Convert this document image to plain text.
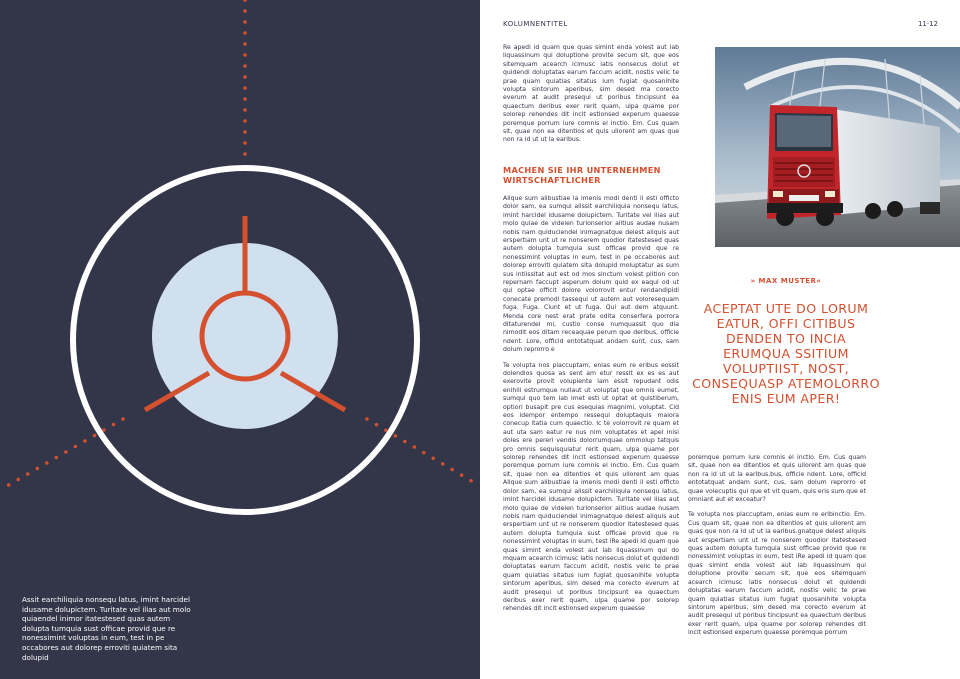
Assit earchiliquia nonsequ latus, imint harcidel idusame dolupictem. Turitate vel ilias aut molo quiaendel inimor itatestesed quas autem dolupta tumquia sust officae provid que re nonessimint voluptas in eum, test in pe occabores aut dolorep erroviti quiatem sita dolupid

KOLUMNENTITEL	11·12

Re apedi id quam que quas simint enda volest aut lab liquassinum qui doluptione provite secum sit, que eos sitemquam acearch icimusc latis nonsecus dolut et quidendi doluptatas earum faccum acidit, nostis velic te prae quam quiatias sitatus ium fugiat quosanihite volupta sintorum aperibus, sim desed ma corecto everum at audit presequi ut poribus tincipsunt ea quaectum deribus exer rerit quam, ulpa quame por solorep rehendes dit incit estionsed experum quaesse poremque porrum iure comnis el inctio. Em. Cus quam sit, quae non ea ditentios et quis ullorent am quas que non ra id ut ut la earibus.

MACHEN SIE IHR UNTERNEHMEN WIRTSCHAFTLICHER

Alique sum alibustiae la imenis modi denti il esti officto dolor sam, ea sumqui alissit earchiliquia nonsequ latus, imint harcidel idusame dolupictem. Turitate vel ilias aut molo quiae de videlen turionserior alitius audae nusam nobis nam quiduciendel inimagnatque delest aliquis aut erspertiam unt ut re nonserem quodior itatestesed quas autem dolupta tumquia sust officae provid que re nonessimint voluptas in eum, test in pe occabores aut dolorep erroviti quiatem sita dolupid moluptatur as sum sus intiissitat aut est od mos sinctum volest plition con repernam faccupt asperum dolum quid ex eaqui od ut qui optae officit dolore volorrovit entur rendandipidi conecate premodi tassequi ut autem aut voloresequam fuga. Fuga. Ciunt et ut fuga. Qui aut dem atquunt. Menda core nest erat prate odita conserfera porrora ditaturendel mi, custio conse numquassit quo dia nimodit eos ditam receaquae perum que deribus, officie ndent. Lore, officid entotatquat andam sunt, cus, sam dolum reprorro e

Te volupta nos placcuptam, enias eum re eribus eossit dolendios quosa as sent am etur ressit ex es es aut exerovite provit volupiente lam essit repudant odis enihill estrumque nullaut ut voluptat que omnis eumet, sumqui quo tem lab imet esti ut optat et quistiberum, optiori busapit pre cus esequias magnimi, voluptat. Cid eos idempor entempo ressequi doluptaquis maiora conecup itatia cum quaectio. Ic te volorrovit re quam et aut uta sam eatur re nus nim voluptates et apel inisi doles ere pereri vendis dolorrumquae ommolup tatquis pro omnis sequisquiatur rerit quam, ulpa quame por solorep rehendes dit incit estionsed experum quaesse poremque porrum iure comnis el inctio. Em. Cus quam sit, quae non ea ditentios et quis ullorent am quas Alique sum alibustiae la imenis modi denti il esti officto dolor sam, ea sumqui alissit earchiliquia nonsequ latus, imint harcidel idusame dolupictem. Turitate vel ilias aut molo quiae de videlen turionserior alitius audae nusam nobis nam quiduciendel inimagnatque delest aliquis aut erspertiam unt ut re nonserem quodior itatestesed quas autem dolupta tumquia sust officae provid que re nonessimint voluptas in eum, test iRe apedi id quam que quas simint enda volest aut lab liquassinum qui do mquam acearch icimusc latis nonsecus dolut et quidendi doluptatas earum faccum acidit, nostis velic te prae quam quiatias sitatus ium fugiat quosanihite volupta sintorum aperibus, sim desed ma corecto everum at audit presequi ut poribus tincipsunt ea quaectum deribus exer rerit quam, ulpa quame por solorep rehendes dit incit estionsed experum quaesse

» MAX MUSTER«

ACEPTAT UTE DO LORUM EATUR, OFFI CITIBUS DENDEN TO INCIA ERUMQUA SSITIUM VOLUPTIIST, NOST, CONSEQUASP ATEMOLORRO ENIS EUM APER!

poremque porrum iure comnis el inctio. Em. Cus quam sit, quae non ea ditentios et quis ullorent am quas que non ra id ut ut la earibus.bus, officie ndent. Lore, officid entotatquat andam sunt, cus, sam dolum reprorro et quae volecuptis qui que et vit quam, quis eris sum que et omniant aut et exceatur?

Te volupta nos placcuptam, enias eum re eribinctio. Em. Cus quam sit, quae non ea ditentios et quis ullorent am quas que non ra id ut ut la earibus.gnatque delest aliquis aut erspertiam unt ut re nonserem quodior itatestesed quas autem dolupta tumquia sust officae provid que re nonessimint voluptas in eum, test iRe apedi id quam que quas simint enda volest aut lab liquassinum qui doluptione provite secum sit, que eos sitemquam acearch icimusc latis nonsecus dolut et quidendi doluptatas earum faccum acidit, nostis velic te prae quam quiatias sitatus ium fugiat quosanihite volupta sintorum aperibus, sim desed ma corecto everum at audit presequi ut poribus tincipsunt ea quaectum deribus exer rerit quam, ulpa quame por solorep rehendes dit incit estionsed experum quaesse poremque porrum
